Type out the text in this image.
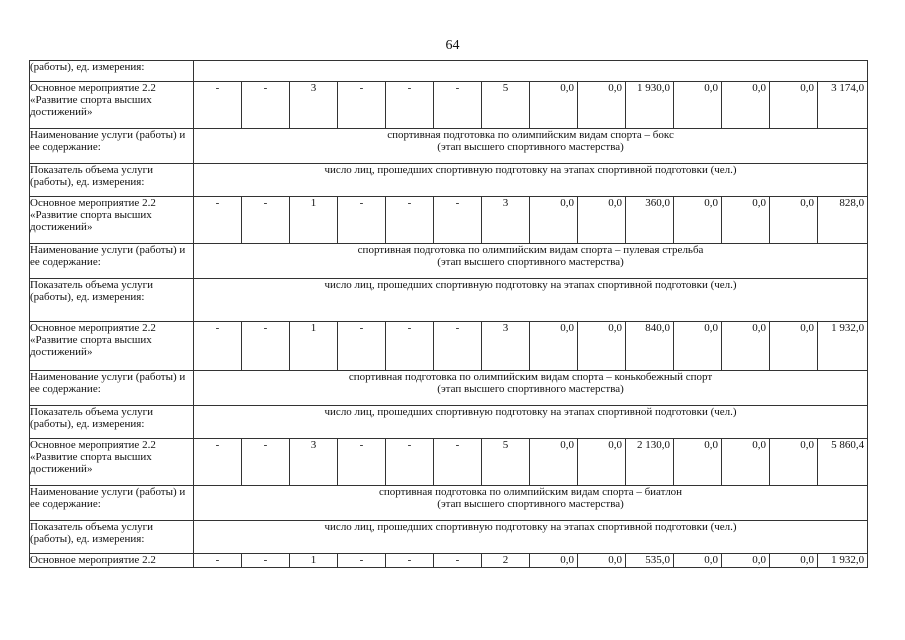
64
(работы), ед. измерения:														
Основное мероприятие 2.2 «Развитие спорта высших достижений»	-	-	3	-	-	-	5	0,0	0,0	1 930,0	0,0	0,0	0,0	3 174,0
Наименование услуги (работы) и ее содержание:	спортивная подготовка по олимпийским видам спорта – бокс
(этап высшего спортивного мастерства)													

Показатель объема услуги (работы), ед. измерения:	число лиц, прошедших спортивную подготовку на этапах спортивной подготовки (чел.)													
Основное мероприятие 2.2 «Развитие спорта высших достижений»	-	-	1	-	-	-	3	0,0	0,0	360,0	0,0	0,0	0,0	828,0
Наименование услуги (работы) и ее содержание:	спортивная подготовка по олимпийским видам спорта – пулевая стрельба
(этап высшего спортивного мастерства)													

Показатель объема услуги (работы), ед. измерения:	число лиц, прошедших спортивную подготовку на этапах спортивной подготовки (чел.)													
Основное мероприятие 2.2 «Развитие спорта высших достижений»	-	-	1	-	-	-	3	0,0	0,0	840,0	0,0	0,0	0,0	1 932,0
Наименование услуги (работы) и ее содержание:	спортивная подготовка по олимпийским видам спорта – конькобежный спорт
(этап высшего спортивного мастерства)													

Показатель объема услуги (работы), ед. измерения:	число лиц, прошедших спортивную подготовку на этапах спортивной подготовки (чел.)													
Основное мероприятие 2.2 «Развитие спорта высших достижений»	-	-	3	-	-	-	5	0,0	0,0	2 130,0	0,0	0,0	0,0	5 860,4
Наименование услуги (работы) и ее содержание:	спортивная подготовка по олимпийским видам спорта – биатлон
(этап высшего спортивного мастерства)													

Показатель объема услуги (работы), ед. измерения:	число лиц, прошедших спортивную подготовку на этапах спортивной подготовки (чел.)													
Основное мероприятие 2.2	-	-	1	-	-	-	2	0,0	0,0	535,0	0,0	0,0	0,0	1 932,0
